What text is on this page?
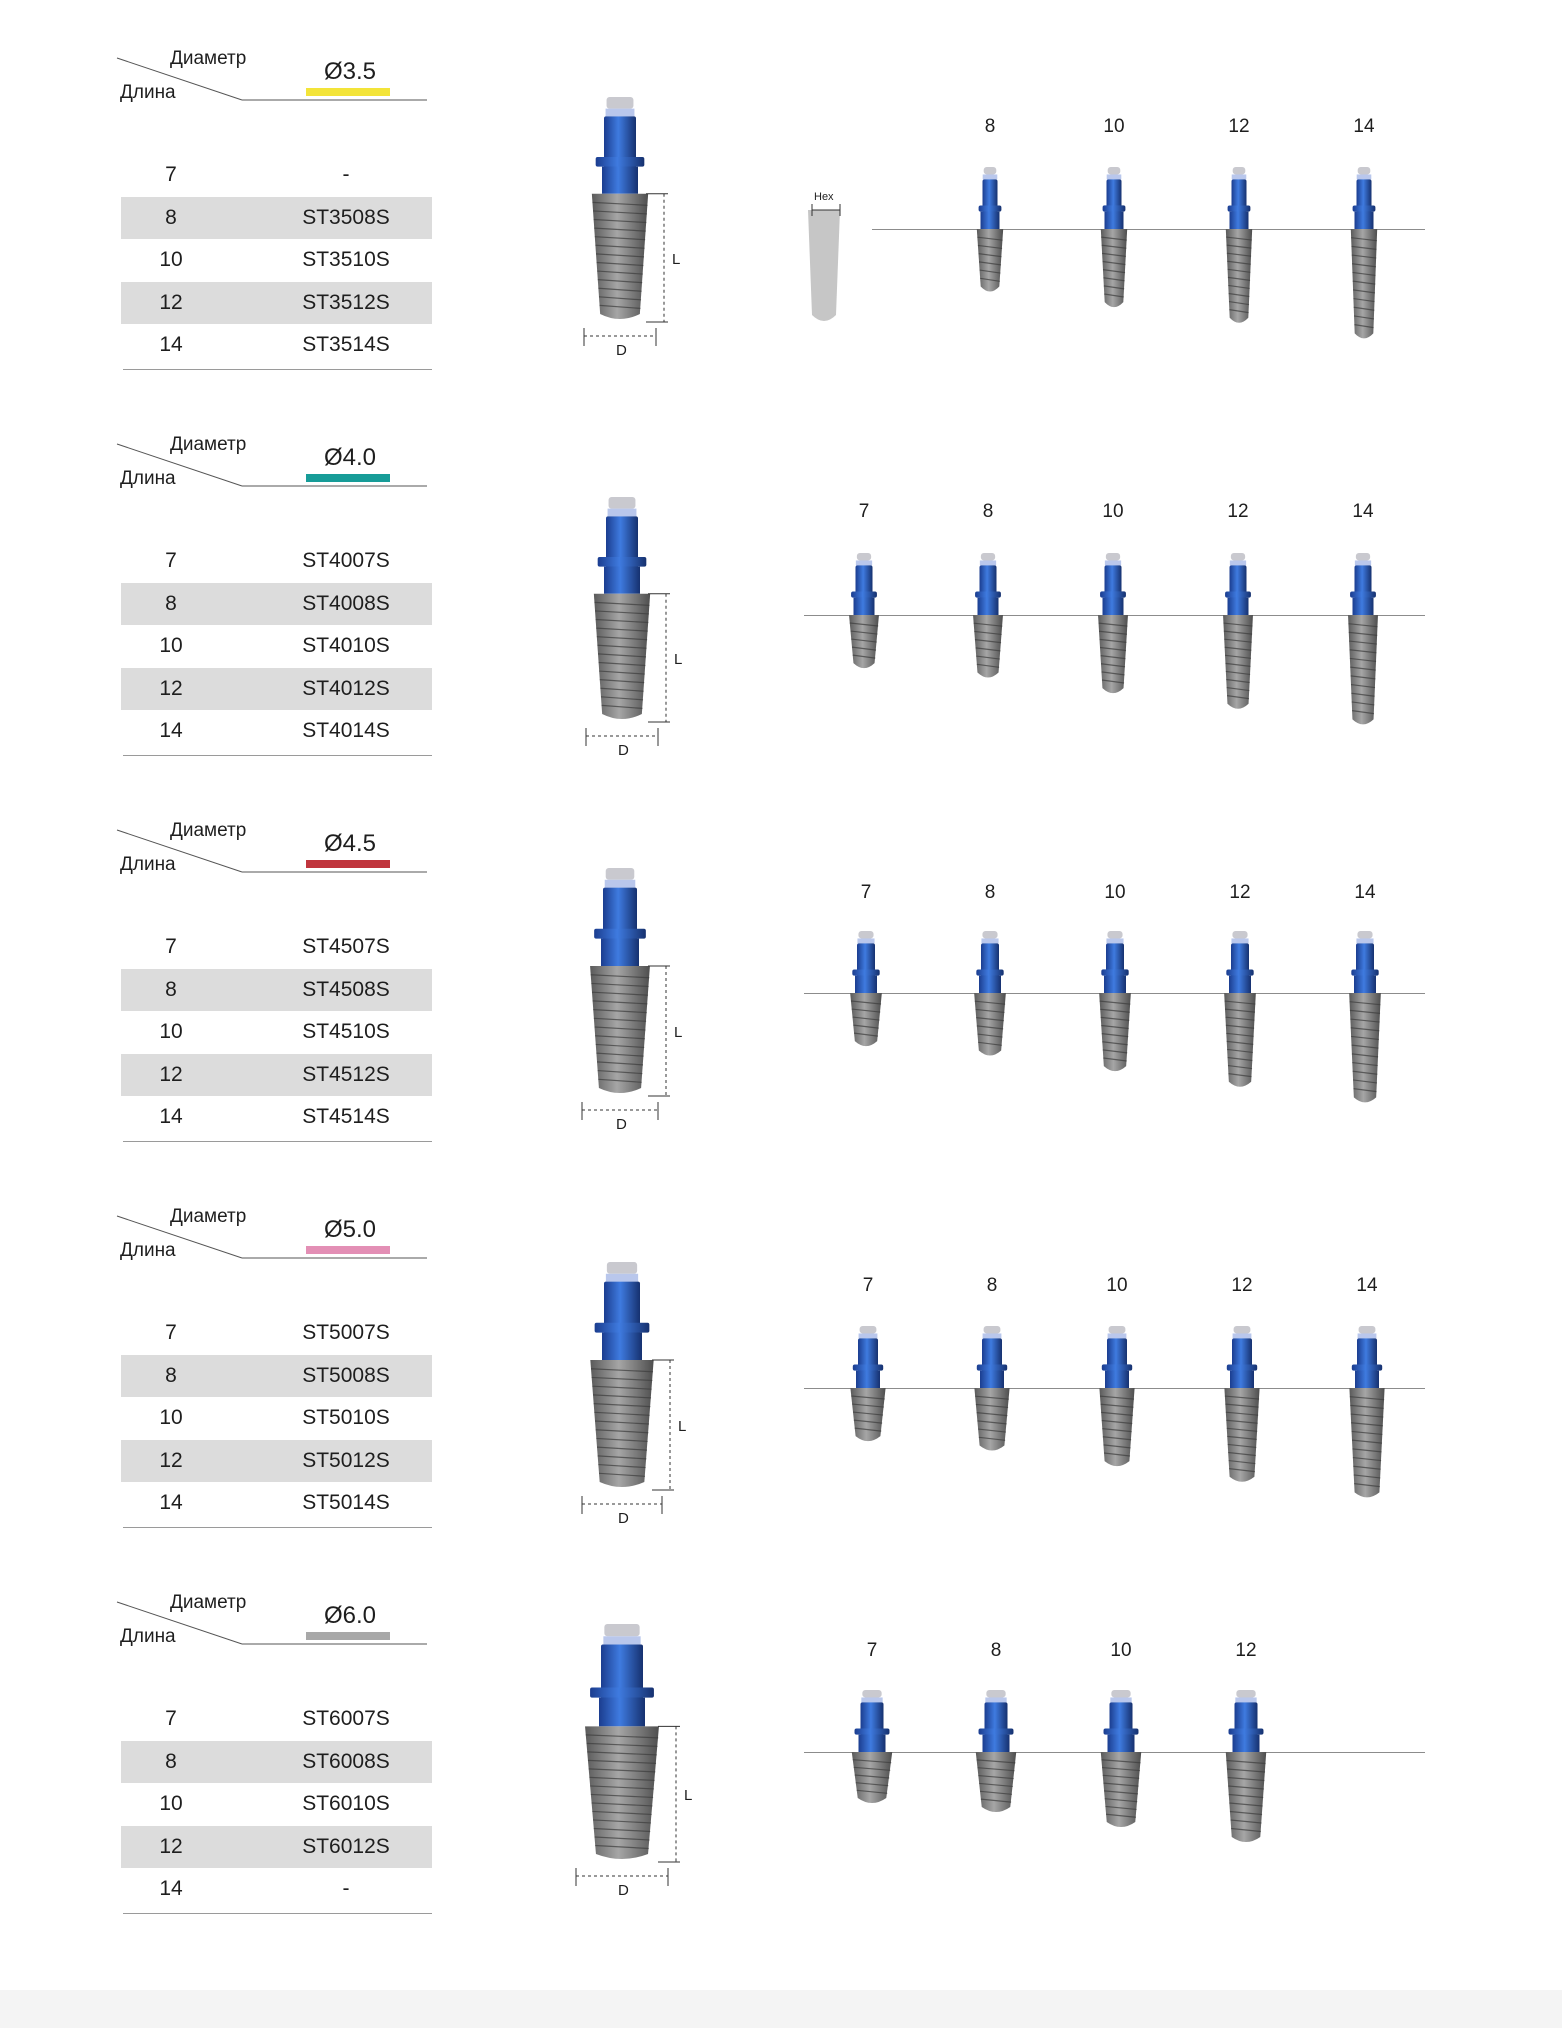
Диаметр
Длина
Ø3.5
7	-
8	ST3508S
10	ST3510S
12	ST3512S
14	ST3514S
L
D
Hex
8	10	12	14
Диаметр
Длина
Ø4.0
7	ST4007S
8	ST4008S
10	ST4010S
12	ST4012S
14	ST4014S
L
D
7	8	10	12	14
Диаметр
Длина
Ø4.5
7	ST4507S
8	ST4508S
10	ST4510S
12	ST4512S
14	ST4514S
L
D
7	8	10	12	14
Диаметр
Длина
Ø5.0
7	ST5007S
8	ST5008S
10	ST5010S
12	ST5012S
14	ST5014S
L
D
7	8	10	12	14
Диаметр
Длина
Ø6.0
7	ST6007S
8	ST6008S
10	ST6010S
12	ST6012S
14	-
L
D
7	8	10	12
